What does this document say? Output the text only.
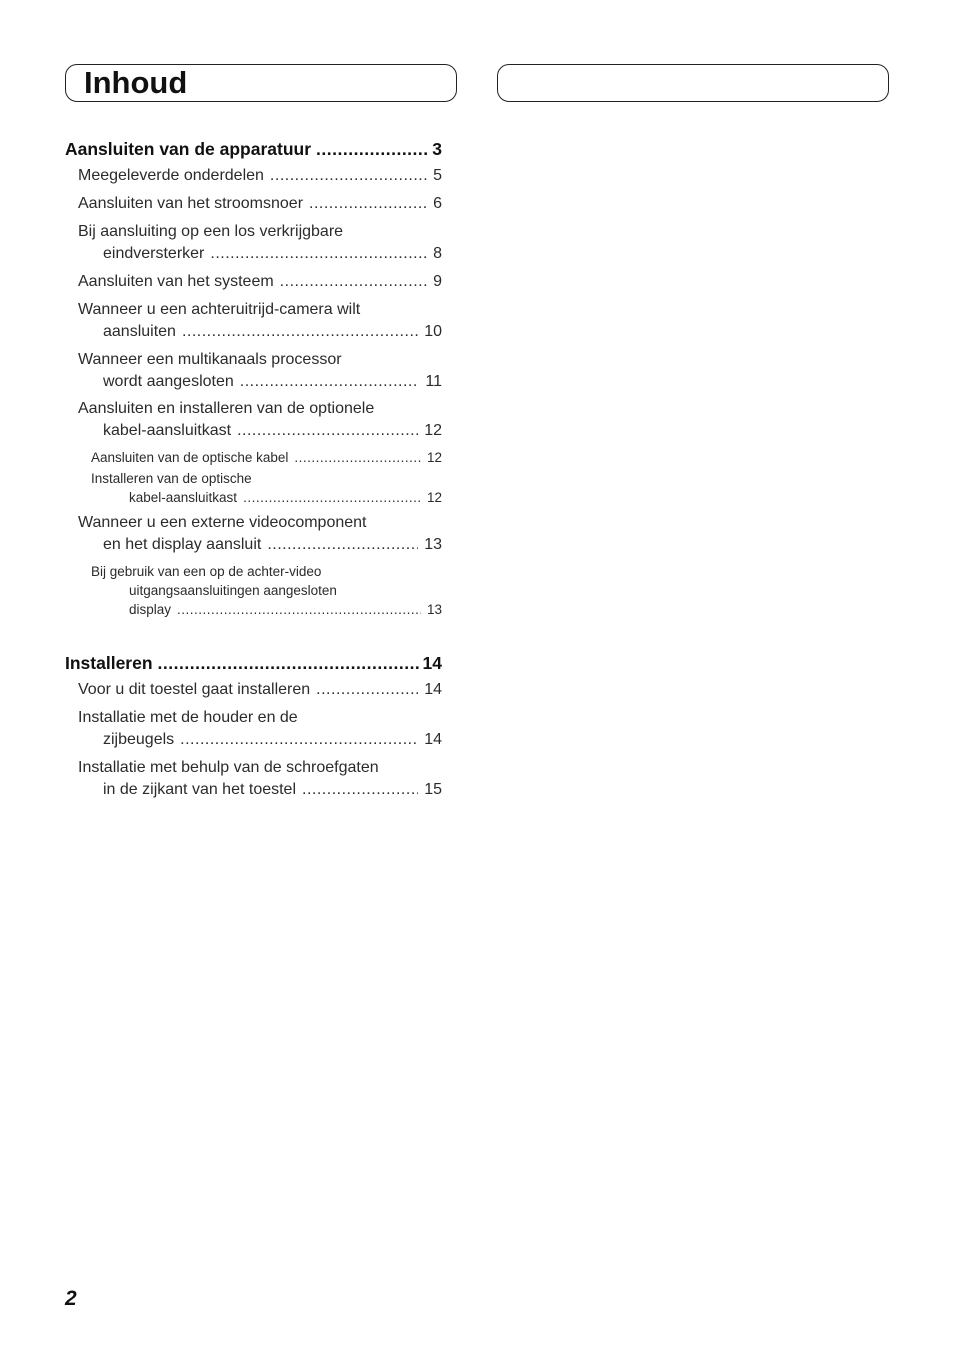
Inhoud
Aansluiten van de apparatuur .....	3
Meegeleverde onderdelen .....	5
Aansluiten van het stroomsnoer .....	6
Bij aansluiting op een los verkrijgbare
eindversterker .....	8
Aansluiten van het systeem .....	9
Wanneer u een achteruitrijd-camera wilt
aansluiten .....	10
Wanneer een multikanaals processor
wordt aangesloten .....	11
Aansluiten en installeren van de optionele
kabel-aansluitkast .....	12
Aansluiten van de optische kabel .....	12
Installeren van de optische
kabel-aansluitkast .....	12
Wanneer u een externe videocomponent
en het display aansluit .....	13
Bij gebruik van een op de achter-video
uitgangsaansluitingen aangesloten
display .....	13
Installeren .....	14
Voor u dit toestel gaat installeren .....	14
Installatie met de houder en de
zijbeugels .....	14
Installatie met behulp van de schroefgaten
in de zijkant van het toestel .....	15

2
